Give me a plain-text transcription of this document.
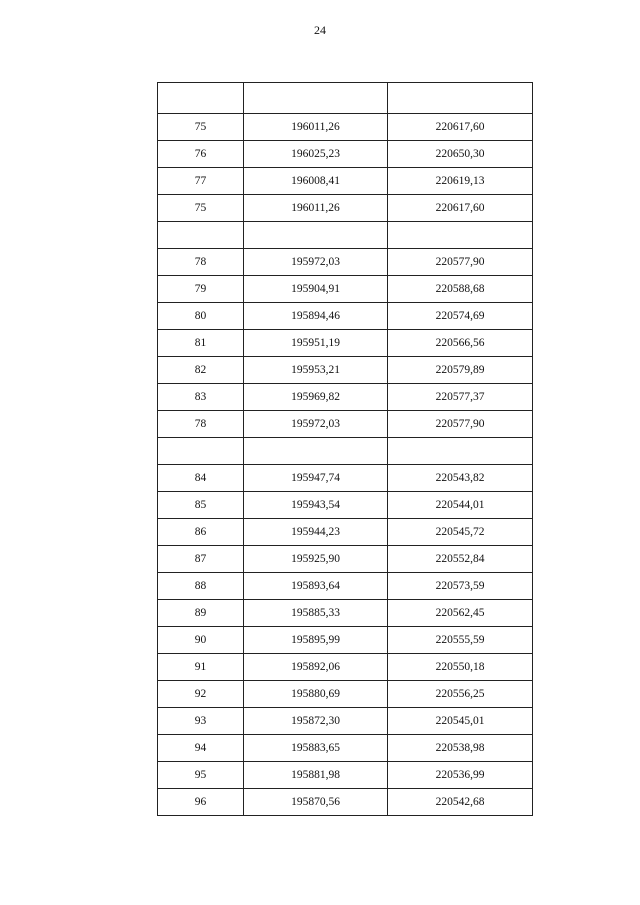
24

75	196011,26	220617,60
76	196025,23	220650,30
77	196008,41	220619,13
75	196011,26	220617,60

78	195972,03	220577,90
79	195904,91	220588,68
80	195894,46	220574,69
81	195951,19	220566,56
82	195953,21	220579,89
83	195969,82	220577,37
78	195972,03	220577,90

84	195947,74	220543,82
85	195943,54	220544,01
86	195944,23	220545,72
87	195925,90	220552,84
88	195893,64	220573,59
89	195885,33	220562,45
90	195895,99	220555,59
91	195892,06	220550,18
92	195880,69	220556,25
93	195872,30	220545,01
94	195883,65	220538,98
95	195881,98	220536,99
96	195870,56	220542,68
